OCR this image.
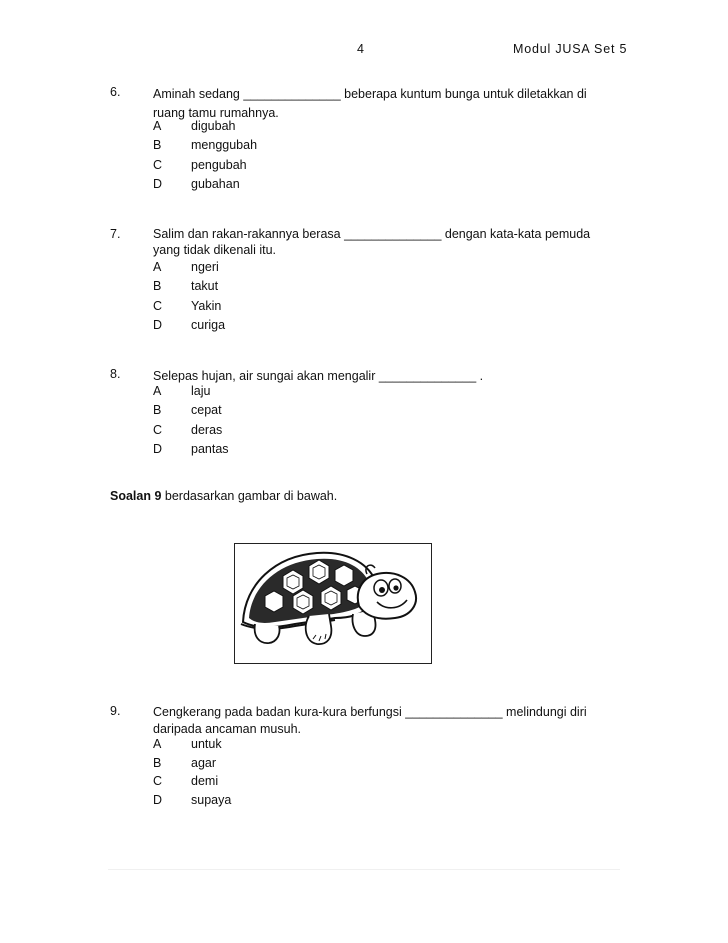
4	Modul JUSA Set 5
6.	Aminah sedang ______________ beberapa kuntum bunga untuk diletakkan di
ruang tamu rumahnya.
A digubah
B menggubah
C pengubah
D gubahan
7.	Salim dan rakan-rakannya berasa ______________ dengan kata-kata pemuda
yang tidak dikenali itu.
A ngeri
B takut
C Yakin
D curiga
8.	Selepas hujan, air sungai akan mengalir ______________ .
A laju
B cepat
C deras
D pantas
Soalan 9 berdasarkan gambar di bawah.
9.	Cengkerang pada badan kura-kura berfungsi ______________ melindungi diri
daripada ancaman musuh.
A untuk
B agar
C demi
D supaya
